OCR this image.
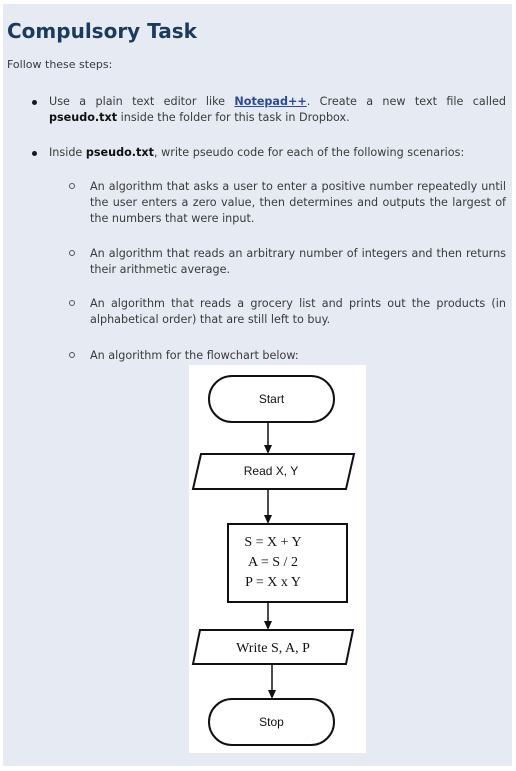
Compulsory Task
Follow these steps:
Use a plain text editor like Notepad++. Create a new text file called pseudo.txt inside the folder for this task in Dropbox.
Inside pseudo.txt, write pseudo code for each of the following scenarios:
An algorithm that asks a user to enter a positive number repeatedly until the user enters a zero value, then determines and outputs the largest of the numbers that were input.
An algorithm that reads an arbitrary number of integers and then returns their arithmetic average.
An algorithm that reads a grocery list and prints out the products (in alphabetical order) that are still left to buy.
An algorithm for the flowchart below:
Start
Read X, Y
S = X + Y
A = S / 2
P = X x Y
Write S, A, P
Stop
